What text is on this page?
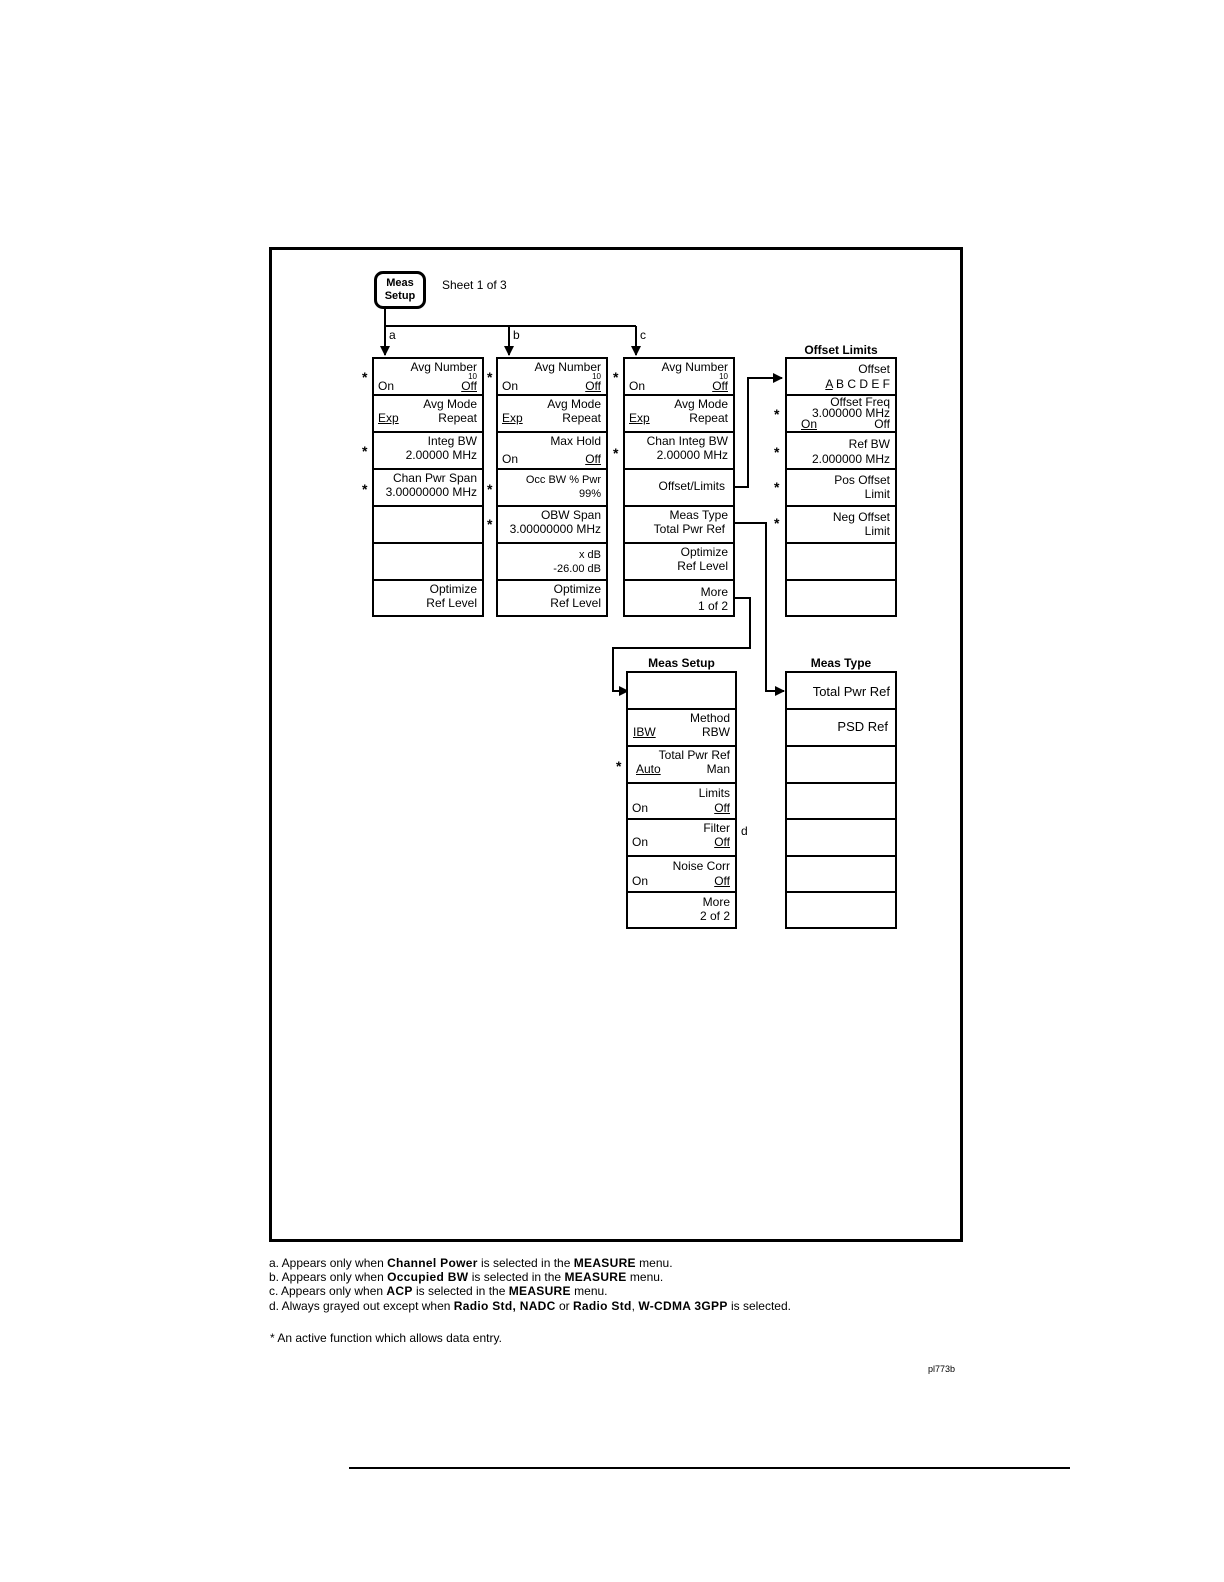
Meas
Setup
Sheet 1 of 3
a	b	c
d
Offset Limits
Meas Setup	Meas Type
Avg Number
10
On	Off
Avg Mode
Exp	Repeat
Integ BW
2.00000 MHz
Chan Pwr Span
3.00000000 MHz
Optimize
Ref Level
Avg Number
10
On	Off
Avg Mode
Exp	Repeat
Max Hold
On	Off
Occ BW % Pwr
99%
OBW Span
3.00000000 MHz
x dB
-26.00 dB
Optimize
Ref Level
Avg Number
10
On	Off
Avg Mode
Exp	Repeat
Chan Integ BW
2.00000 MHz
Offset/Limits
Meas Type
Total Pwr Ref
Optimize
Ref Level
More
1 of 2
Offset
A B C D E F
Offset Freq
3.000000 MHz
On	Off
Ref BW
2.000000 MHz
Pos Offset
Limit
Neg Offset
Limit
Method
IBW	RBW
Total Pwr Ref
Auto	Man
Limits
On	Off
Filter
On	Off
Noise Corr
On	Off
More
2 of 2
Total Pwr Ref
PSD Ref
*
*
*
*
*
*
*
*
*
*
*
*
*
a. Appears only when Channel Power is selected in the MEASURE menu.
b. Appears only when Occupied BW is selected in the MEASURE menu.
c. Appears only when ACP is selected in the MEASURE menu.
d. Always grayed out except when Radio Std, NADC or Radio Std, W-CDMA 3GPP is selected.
* An active function which allows data entry.
pl773b
